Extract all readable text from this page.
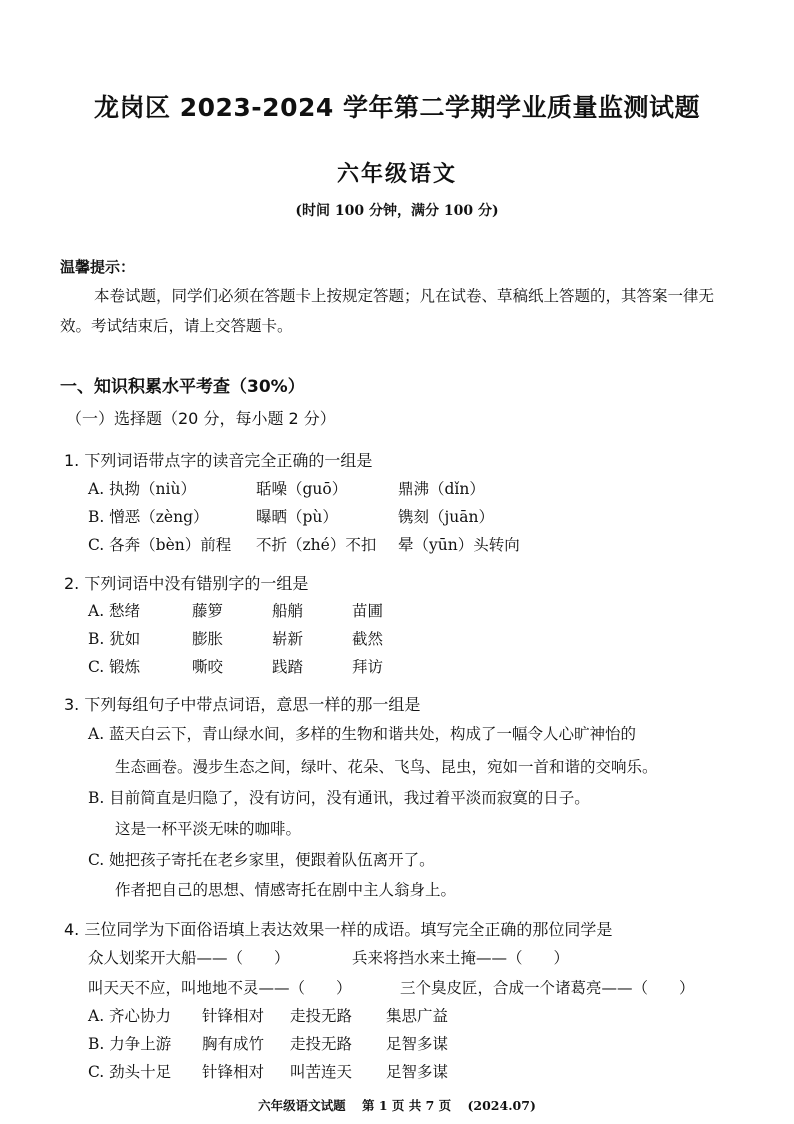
龙岗区 2023-2024 学年第二学期学业质量监测试题
六年级语文
(时间 100 分钟，满分 100 分)
温馨提示：
本卷试题，同学们必须在答题卡上按规定答题；凡在试卷、草稿纸上答题的，其答案一律无效。考试结束后，请上交答题卡。
一、知识积累水平考查（30%）
（一）选择题（20 分，每小题 2 分）
1. 下列词语带点字的读音完全正确的一组是
A. 执拗（niù）	聒噪（guō）	鼎沸（dǐn）
B. 憎恶（zèng）	曝晒（pù）	镌刻（juān）
C. 各奔（bèn）前程 不折（zhé）不扣 晕（yūn）头转向
2. 下列词语中没有错别字的一组是
A. 愁绪	藤箩	船艄	苗圃
B. 犹如	膨胀	崭新	截然
C. 锻炼	嘶咬	践踏	拜访
3. 下列每组句子中带点词语，意思一样的那一组是
A. 蓝天白云下，青山绿水间，多样的生物和谐共处，构成了一幅令人心旷神怡的
生态画卷。漫步生态之间，绿叶、花朵、飞鸟、昆虫，宛如一首和谐的交响乐。
B. 目前简直是归隐了，没有访问，没有通讯，我过着平淡而寂寞的日子。
这是一杯平淡无味的咖啡。
C. 她把孩子寄托在老乡家里，便跟着队伍离开了。
作者把自己的思想、情感寄托在剧中主人翁身上。
4. 三位同学为下面俗语填上表达效果一样的成语。填写完全正确的那位同学是
众人划桨开大船——（　　）	兵来将挡水来土掩——（　　）
叫天天不应，叫地地不灵——（　　）	三个臭皮匠，合成一个诸葛亮——（　　）
A. 齐心协力 针锋相对 走投无路 集思广益
B. 力争上游 胸有成竹 走投无路 足智多谋
C. 劲头十足 针锋相对 叫苦连天 足智多谋
六年级语文试题 第 1 页 共 7 页 (2024.07)
